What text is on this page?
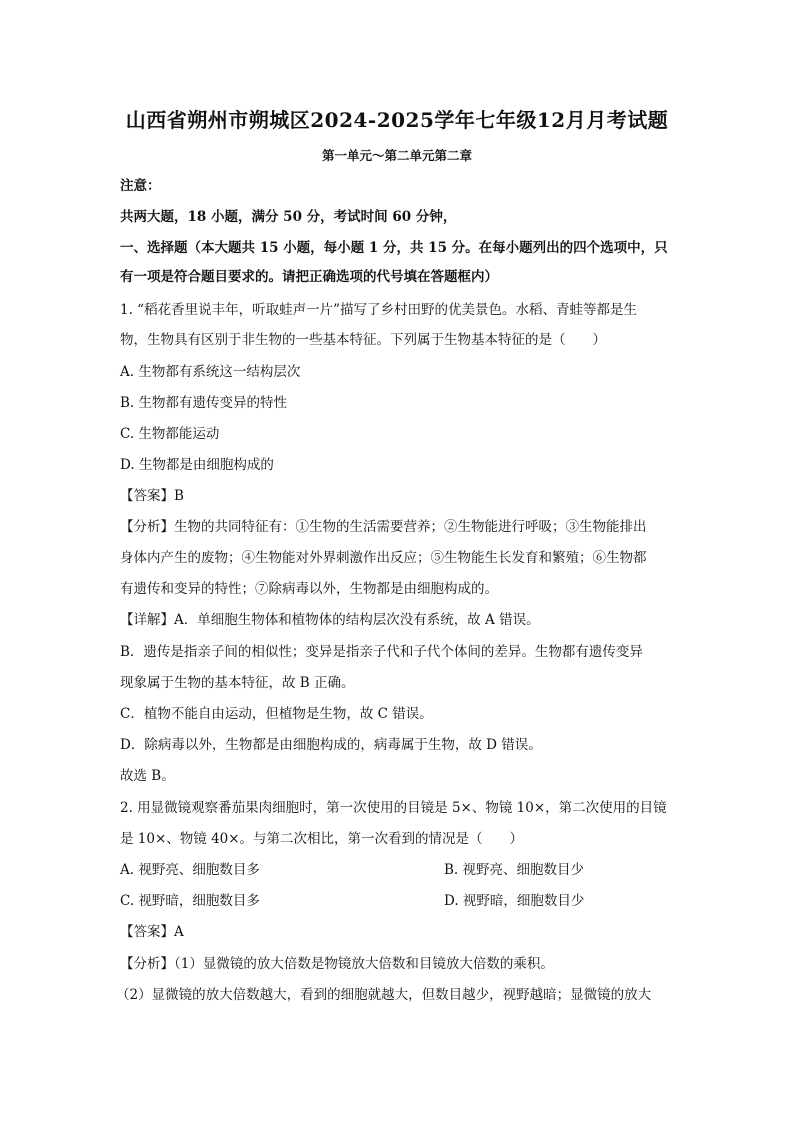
山西省朔州市朔城区2024-2025学年七年级12月月考试题
第一单元～第二单元第二章
注意：
共两大题，18 小题，满分 50 分，考试时间 60 分钟，
一、选择题（本大题共 15 小题，每小题 1 分，共 15 分。在每小题列出的四个选项中，只
有一项是符合题目要求的。请把正确选项的代号填在答题框内）
1. “稻花香里说丰年，听取蛙声一片”描写了乡村田野的优美景色。水稻、青蛙等都是生
物，生物具有区别于非生物的一些基本特征。下列属于生物基本特征的是（　　）
A. 生物都有系统这一结构层次
B. 生物都有遗传变异的特性
C. 生物都能运动
D. 生物都是由细胞构成的
【答案】B
【分析】生物的共同特征有：①生物的生活需要营养；②生物能进行呼吸；③生物能排出
身体内产生的废物；④生物能对外界刺激作出反应；⑤生物能生长发育和繁殖；⑥生物都
有遗传和变异的特性；⑦除病毒以外，生物都是由细胞构成的。
【详解】A．单细胞生物体和植物体的结构层次没有系统，故 A 错误。
B．遗传是指亲子间的相似性；变异是指亲子代和子代个体间的差异。生物都有遗传变异
现象属于生物的基本特征，故 B 正确。
C．植物不能自由运动，但植物是生物，故 C 错误。
D．除病毒以外，生物都是由细胞构成的，病毒属于生物，故 D 错误。
故选 B。
2. 用显微镜观察番茄果肉细胞时，第一次使用的目镜是 5×、物镜 10×，第二次使用的目镜
是 10×、物镜 40×。与第二次相比，第一次看到的情况是（　　）
A. 视野亮、细胞数目多	B. 视野亮、细胞数目少
C. 视野暗，细胞数目多	D. 视野暗，细胞数目少
【答案】A
【分析】（1）显微镜的放大倍数是物镜放大倍数和目镜放大倍数的乘积。
（2）显微镜的放大倍数越大，看到的细胞就越大，但数目越少，视野越暗；显微镜的放大
